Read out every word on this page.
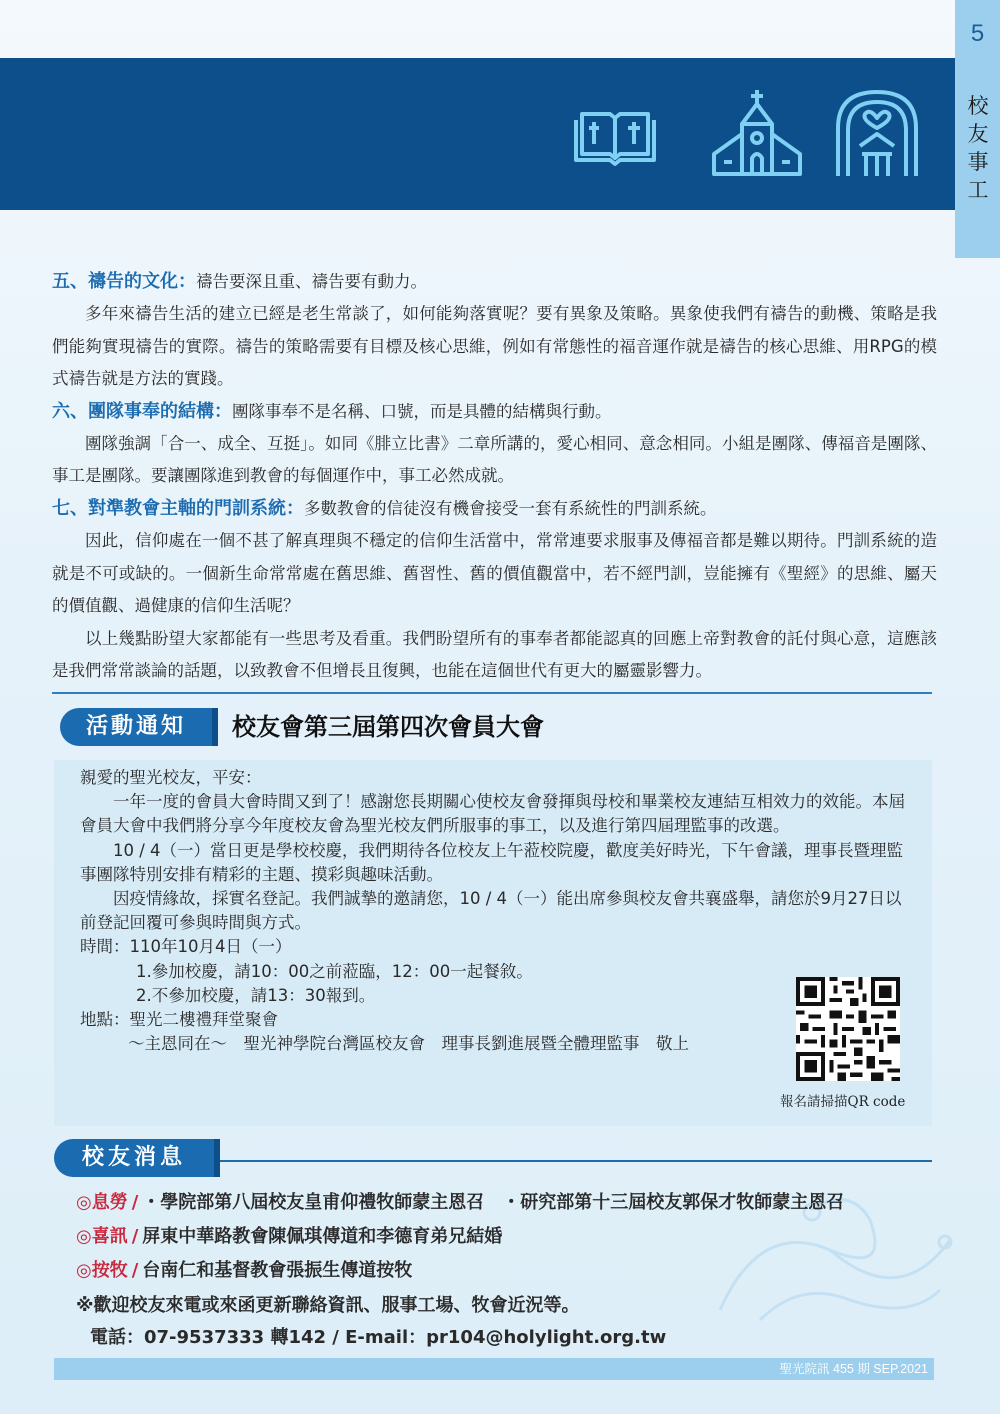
5
校
友
事
工
五、禱告的文化：禱告要深且重、禱告要有動力。

多年來禱告生活的建立已經是老生常談了，如何能夠落實呢？要有異象及策略。異象使我們有禱告的動機、策略是我們能夠實現禱告的實際。禱告的策略需要有目標及核心思維，例如有常態性的福音運作就是禱告的核心思維、用RPG的模式禱告就是方法的實踐。

六、團隊事奉的結構：團隊事奉不是名稱、口號，而是具體的結構與行動。

團隊強調「合一、成全、互挺」。如同《腓立比書》二章所講的，愛心相同、意念相同。小組是團隊、傳福音是團隊、事工是團隊。要讓團隊進到教會的每個運作中，事工必然成就。

七、對準教會主軸的門訓系統：多數教會的信徒沒有機會接受一套有系統性的門訓系統。

因此，信仰處在一個不甚了解真理與不穩定的信仰生活當中，常常連要求服事及傳福音都是難以期待。門訓系統的造就是不可或缺的。一個新生命常常處在舊思維、舊習性、舊的價值觀當中，若不經門訓，豈能擁有《聖經》的思維、屬天的價值觀、過健康的信仰生活呢？

以上幾點盼望大家都能有一些思考及看重。我們盼望所有的事奉者都能認真的回應上帝對教會的託付與心意，這應該是我們常常談論的話題，以致教會不但增長且復興，也能在這個世代有更大的屬靈影響力。

活動通知	校友會第三屆第四次會員大會

親愛的聖光校友，平安：

一年一度的會員大會時間又到了！感謝您長期關心使校友會發揮與母校和畢業校友連結互相效力的效能。本屆會員大會中我們將分享今年度校友會為聖光校友們所服事的事工，以及進行第四屆理監事的改選。

10 / 4（一）當日更是學校校慶，我們期待各位校友上午蒞校院慶，歡度美好時光，下午會議，理事長暨理監事團隊特別安排有精彩的主題、摸彩與趣味活動。

因疫情緣故，採實名登記。我們誠摯的邀請您，10 / 4（一）能出席參與校友會共襄盛舉，請您於9月27日以前登記回覆可參與時間與方式。

時間：110年10月4日（一）

1.參加校慶，請10：00之前蒞臨，12：00一起餐敘。

2.不參加校慶，請13：30報到。

地點：聖光二樓禮拜堂聚會

～主恩同在～　聖光神學院台灣區校友會　理事長劉進展暨全體理監事　敬上

報名請掃描QR code
校友消息
◎息勞 / ・學院部第八屆校友皇甫仰禮牧師蒙主恩召　・研究部第十三屆校友郭保才牧師蒙主恩召
◎喜訊 / 屏東中華路教會陳佩琪傳道和李德育弟兄結婚
◎按牧 / 台南仁和基督教會張振生傳道按牧
※歡迎校友來電或來函更新聯絡資訊、服事工場、牧會近況等。
電話：07-9537333 轉142 / E-mail：pr104@holylight.org.tw
聖光院訊 455 期 SEP.2021
